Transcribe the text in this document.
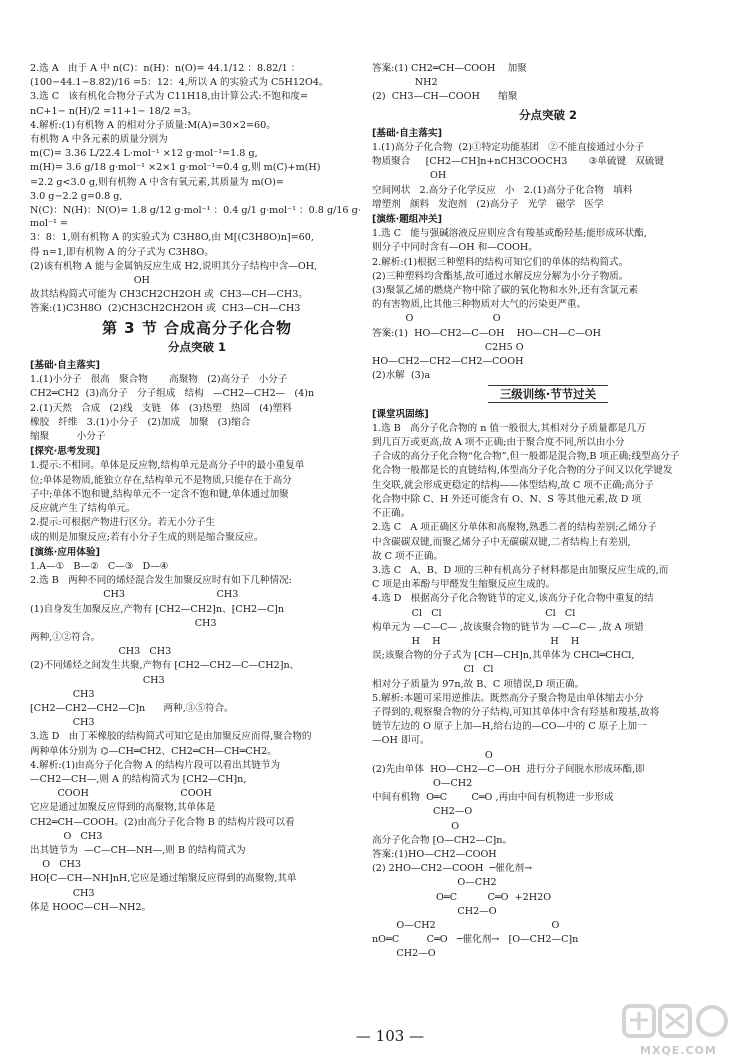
2.选 A   由于 A 中 n(C)：n(H)：n(O)= 44.1/12 ：8.82/1 ：

(100−44.1−8.82)/16 =5：12：4,所以 A 的实验式为 C5H12O4。

3.选 C   该有机化合物分子式为 C11H18,由计算公式:不饱和度=

nC+1− n(H)/2 =11+1− 18/2 =3。

4.解析:(1)有机物 A 的相对分子质量:M(A)=30×2=60。

有机物 A 中各元素的质量分别为

m(C)= 3.36 L/22.4 L·mol⁻¹ ×12 g·mol⁻¹=1.8 g,

m(H)= 3.6 g/18 g·mol⁻¹ ×2×1 g·mol⁻¹=0.4 g,则 m(C)+m(H)

=2.2 g<3.0 g,则有机物 A 中含有氧元素,其质量为 m(O)=

3.0 g−2.2 g=0.8 g,

N(C)：N(H)：N(O)= 1.8 g/12 g·mol⁻¹ ：0.4 g/1 g·mol⁻¹ ：0.8 g/16 g·mol⁻¹ =

3：8：1,则有机物 A 的实验式为 C3H8O,由 M[(C3H8O)n]=60,

得 n=1,即有机物 A 的分子式为 C3H8O。

(2)该有机物 A 能与金属钠反应生成 H2,说明其分子结构中含—OH,

OH

故其结构简式可能为 CH3CH2CH2OH 或  CH3—CH—CH3。

答案:(1)C3H8O  (2)CH3CH2CH2OH 或  CH3—CH—CH3

第 3 节 合成高分子化合物
分点突破 1
[基础·自主落实]

1.(1)小分子   很高   聚合物       高聚物   (2)高分子   小分子

CH2═CH2  (3)高分子   分子组成   结构   —CH2—CH2—   (4)n

2.(1)天然   合成   (2)线   支链   体   (3)热塑   热固   (4)塑料

橡胶   纤维   3.(1)小分子   (2)加成   加聚   (3)缩合

缩聚         小分子

[探究·思考发现]

1.提示:不相同。单体是反应物,结构单元是高分子中的最小重复单

位;单体是物质,能独立存在,结构单元不是物质,只能存在于高分

子中;单体不饱和键,结构单元不一定含不饱和键,单体通过加聚

反应就产生了结构单元。

2.提示:可根据产物进行区分。若无小分子生

成的则是加聚反应;若有小分子生成的则是缩合聚反应。

[演练·应用体验]

1.A—①   B—②   C—③   D—④

2.选 B   两种不同的烯烃混合发生加聚反应时有如下几种情况:

CH3                              CH3

(1)自身发生加聚反应,产物有 ⁅CH2—CH2⁆n、⁅CH2—C⁆n

CH3

两种,①②符合。

CH3   CH3

(2)不同烯烃之间发生共聚,产物有 ⁅CH2—CH2—C—CH2⁆n、

CH3

CH3

⁅CH2—CH2—CH2—C⁆n      两种,③⑤符合。

CH3

3.选 D   由丁苯橡胶的结构简式可知它是由加聚反应而得,聚合物的

两种单体分别为 ⌬—CH═CH2、CH2═CH—CH═CH2。

4.解析:(1)由高分子化合物 A 的结构片段可以看出其链节为

—CH2—CH—,则 A 的结构简式为 ⁅CH2—CH⁆n,

COOH                              COOH

它应是通过加聚反应得到的高聚物,其单体是

CH2═CH—COOH。(2)由高分子化合物 B 的结构片段可以看

O   CH3

出其链节为  —C—CH—NH—,则 B 的结构简式为

O   CH3

HO⁅C—CH—NH⁆nH,它应是通过缩聚反应得到的高聚物,其单

CH3

体是 HOOC—CH—NH2。

答案:(1) CH2═CH—COOH    加聚

NH2

(2)  CH3—CH—COOH      缩聚

分点突破 2
[基础·自主落实]

1.(1)高分子化合物  (2)①特定功能基团   ②不能直接通过小分子

物质聚合     ⁅CH2—CH⁆n+nCH3COOCH3       ③单硫键   双硫键

OH

空间网状   2.高分子化学反应   小   2.(1)高分子化合物   填料

增塑剂   颜料   发泡剂   (2)高分子   光学   磁学   医学

[演练·题组冲关]

1.选 C   能与强碱溶液反应则应含有羧基或酚羟基;能形成环状酯,

则分子中同时含有—OH 和—COOH。

2.解析:(1)根据三种塑料的结构可知它们的单体的结构简式。

(2)三种塑料均含酯基,故可通过水解反应分解为小分子物质。

(3)聚氯乙烯的燃烧产物中除了碳的氧化物和水外,还有含氯元素

的有害物质,比其他三种物质对大气的污染更严重。

O                          O

答案:(1)  HO—CH2—C—OH    HO—CH—C—OH

C2H5 O

HO—CH2—CH2—CH2—COOH

(2)水解  (3)a

三级训练·节节过关
[课堂巩固练]

1.选 B   高分子化合物的 n 值一般很大,其相对分子质量都是几万

到几百万或更高,故 A 项不正确;由于聚合度不同,所以由小分

子合成的高分子化合物“化合物”,但一般都是混合物,B 项正确;线型高分子

化合物一般都是长的直链结构,体型高分子化合物的分子间又以化学键发

生交联,就会形成更稳定的结构——体型结构,故 C 项不正确;高分子

化合物中除 C、H 外还可能含有 O、N、S 等其他元素,故 D 项

不正确。

2.选 C   A 项正确区分单体和高聚物,熟悉二者的结构差别;乙烯分子

中含碳碳双键,而聚乙烯分子中无碳碳双键,二者结构上有差别,

故 C 项不正确。

3.选 C   A、B、D 项的三种有机高分子材料都是由加聚反应生成的,而

C 项是由苯酚与甲醛发生缩聚反应生成的。

4.选 D   根据高分子化合物链节的定义,该高分子化合物中重复的结

Cl   Cl                                  Cl   Cl

构单元为 —C—C— ,故该聚合物的链节为 —C—C— ,故 A 项错

H    H                                    H    H

误;该聚合物的分子式为 ⁅CH—CH⁆n,其单体为 CHCl═CHCl,

Cl   Cl

相对分子质量为 97n,故 B、C 项错误,D 项正确。

5.解析:本题可采用逆推法。既然高分子聚合物是由单体缩去小分

子得到的,观察聚合物的分子结构,可知其单体中含有羟基和羧基,故将

链节左边的 O 原子上加—H,给右边的—CO—中的 C 原子上加一

—OH 即可。

O

(2)先由单体  HO—CH2—C—OH  进行分子间脱水形成环酯,即

O—CH2

中间有机物  O═C        C═O ,再由中间有机物进一步形成

CH2—O

O

高分子化合物 ⁅O—CH2—C⁆n。

答案:(1)HO—CH2—COOH

(2) 2HO—CH2—COOH  ─催化剂→

O—CH2

O═C          C═O  +2H2O

CH2—O

O—CH2                                      O

nO═C         C═O   ─催化剂→   ⁅O—CH2—C⁆n

CH2—O

— 103 —
MXQE.COM
